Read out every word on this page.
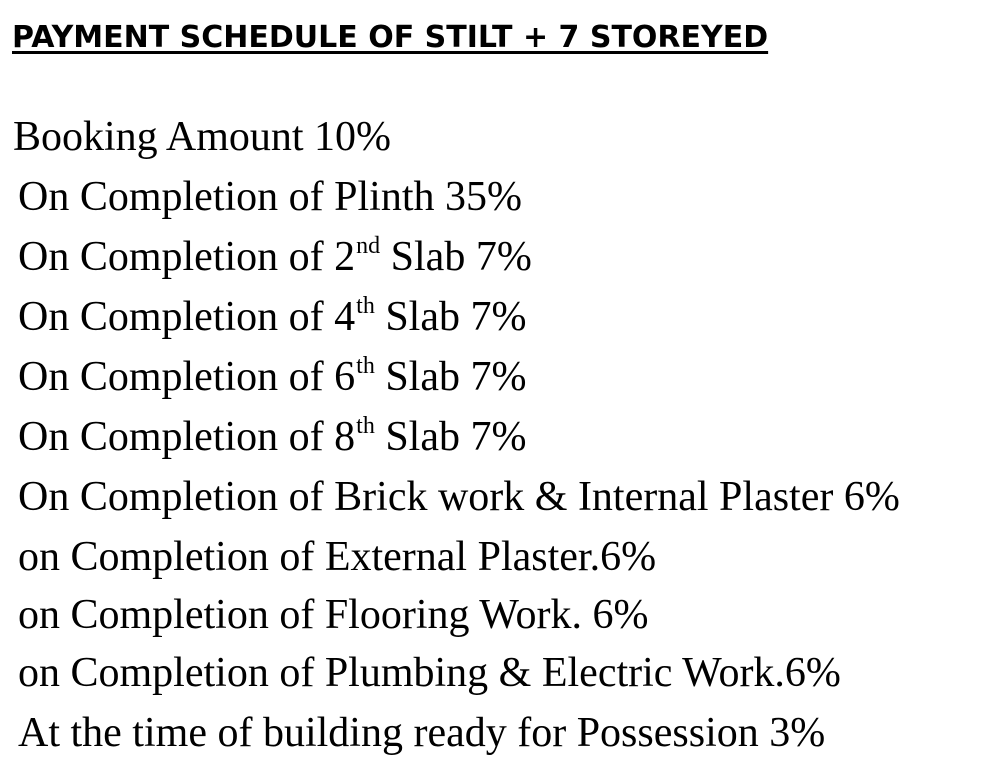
PAYMENT SCHEDULE OF STILT + 7 STOREYED
Booking Amount 10%
On Completion of Plinth 35%
On Completion of 2nd Slab 7%
On Completion of 4th Slab 7%
On Completion of 6th Slab 7%
On Completion of 8th Slab 7%
On Completion of Brick work & Internal Plaster 6%
on Completion of External Plaster.6%
on Completion of Flooring Work. 6%
on Completion of Plumbing & Electric Work.6%
At the time of building ready for Possession 3%
